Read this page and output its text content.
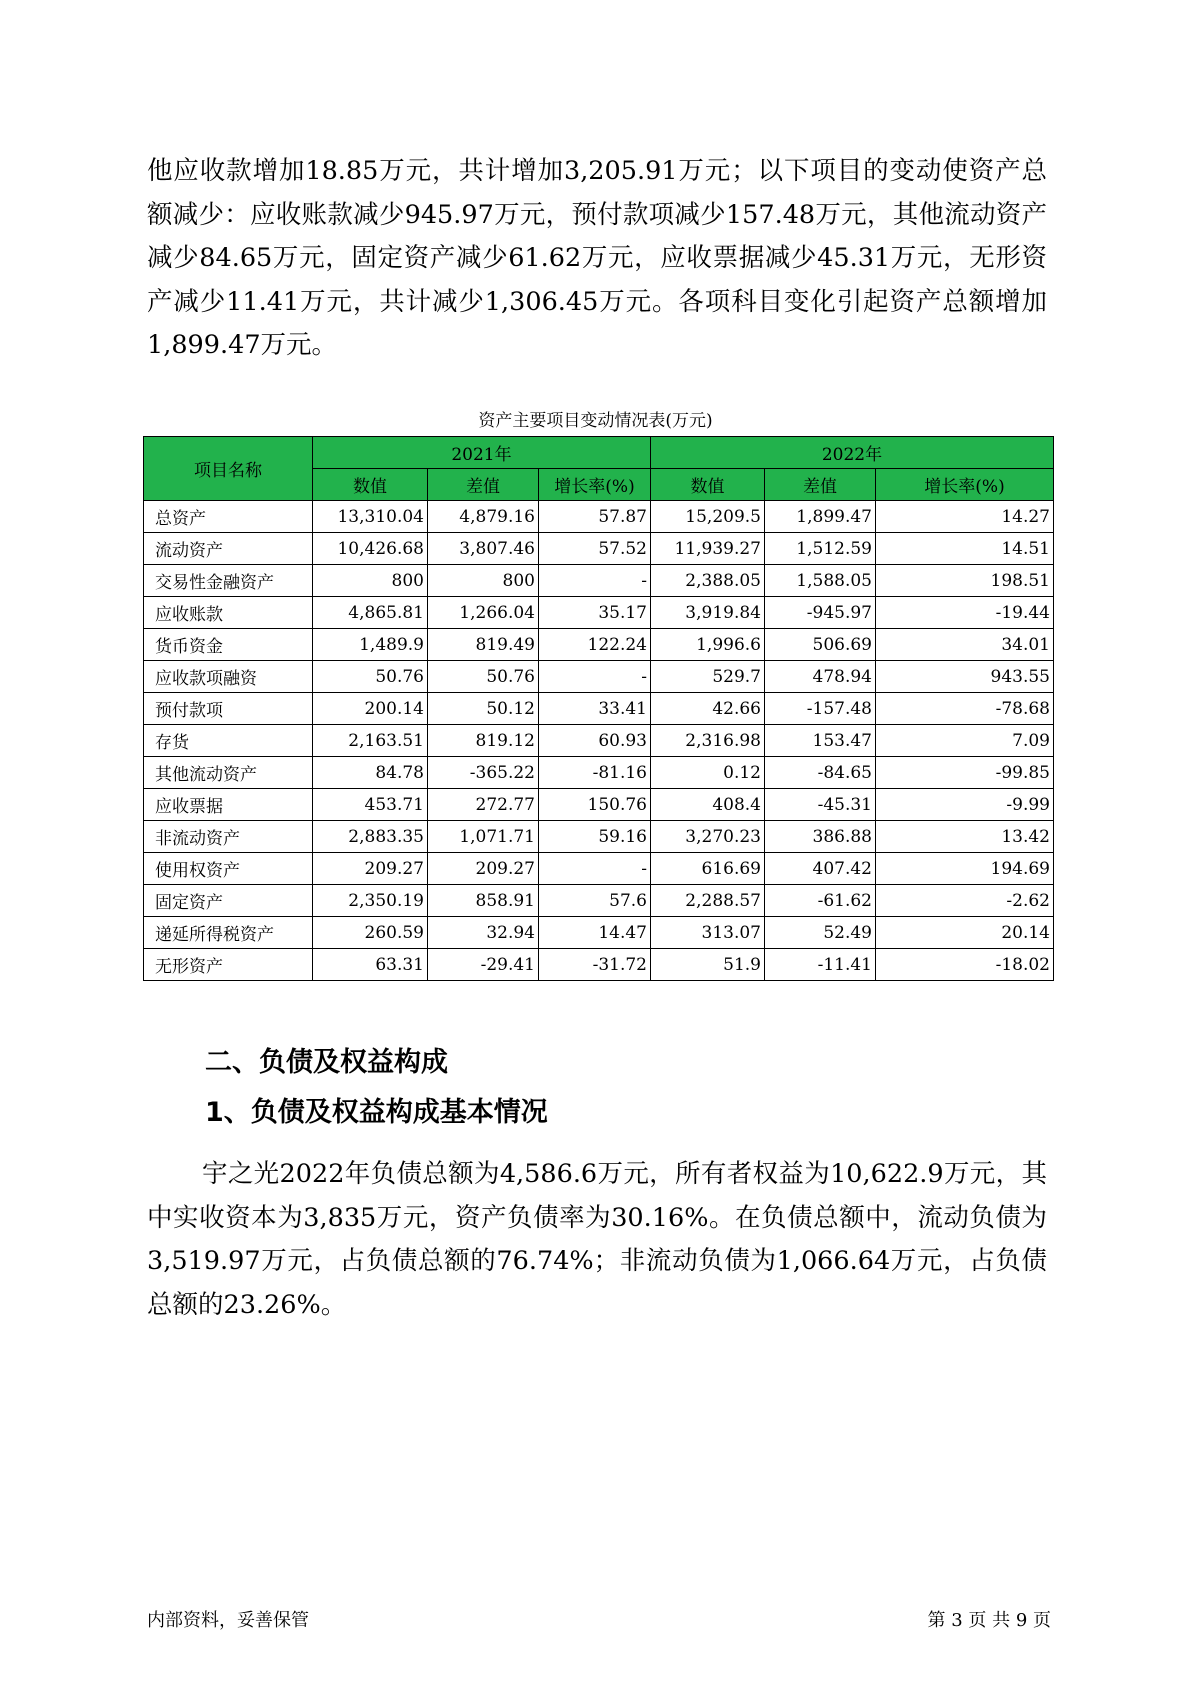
他应收款增加18.85万元，共计增加3,205.91万元；以下项目的变动使资产总额减少：应收账款减少945.97万元，预付款项减少157.48万元，其他流动资产减少84.65万元，固定资产减少61.62万元，应收票据减少45.31万元，无形资产减少11.41万元，共计减少1,306.45万元。各项科目变化引起资产总额增加1,899.47万元。

资产主要项目变动情况表(万元)
项目名称	2021年			2022年		
	数值	差值	增长率(%)	数值	差值	增长率(%)
总资产	13,310.04	4,879.16	57.87	15,209.5	1,899.47	14.27
流动资产	10,426.68	3,807.46	57.52	11,939.27	1,512.59	14.51
交易性金融资产	800	800	-	2,388.05	1,588.05	198.51
应收账款	4,865.81	1,266.04	35.17	3,919.84	-945.97	-19.44
货币资金	1,489.9	819.49	122.24	1,996.6	506.69	34.01
应收款项融资	50.76	50.76	-	529.7	478.94	943.55
预付款项	200.14	50.12	33.41	42.66	-157.48	-78.68
存货	2,163.51	819.12	60.93	2,316.98	153.47	7.09
其他流动资产	84.78	-365.22	-81.16	0.12	-84.65	-99.85
应收票据	453.71	272.77	150.76	408.4	-45.31	-9.99
非流动资产	2,883.35	1,071.71	59.16	3,270.23	386.88	13.42
使用权资产	209.27	209.27	-	616.69	407.42	194.69
固定资产	2,350.19	858.91	57.6	2,288.57	-61.62	-2.62
递延所得税资产	260.59	32.94	14.47	313.07	52.49	20.14
无形资产	63.31	-29.41	-31.72	51.9	-11.41	-18.02
二、负债及权益构成
1、负债及权益构成基本情况

宇之光2022年负债总额为4,586.6万元，所有者权益为10,622.9万元，其中实收资本为3,835万元，资产负债率为30.16%。在负债总额中，流动负债为3,519.97万元，占负债总额的76.74%；非流动负债为1,066.64万元，占负债总额的23.26%。

内部资料，妥善保管	第 3 页 共 9 页
